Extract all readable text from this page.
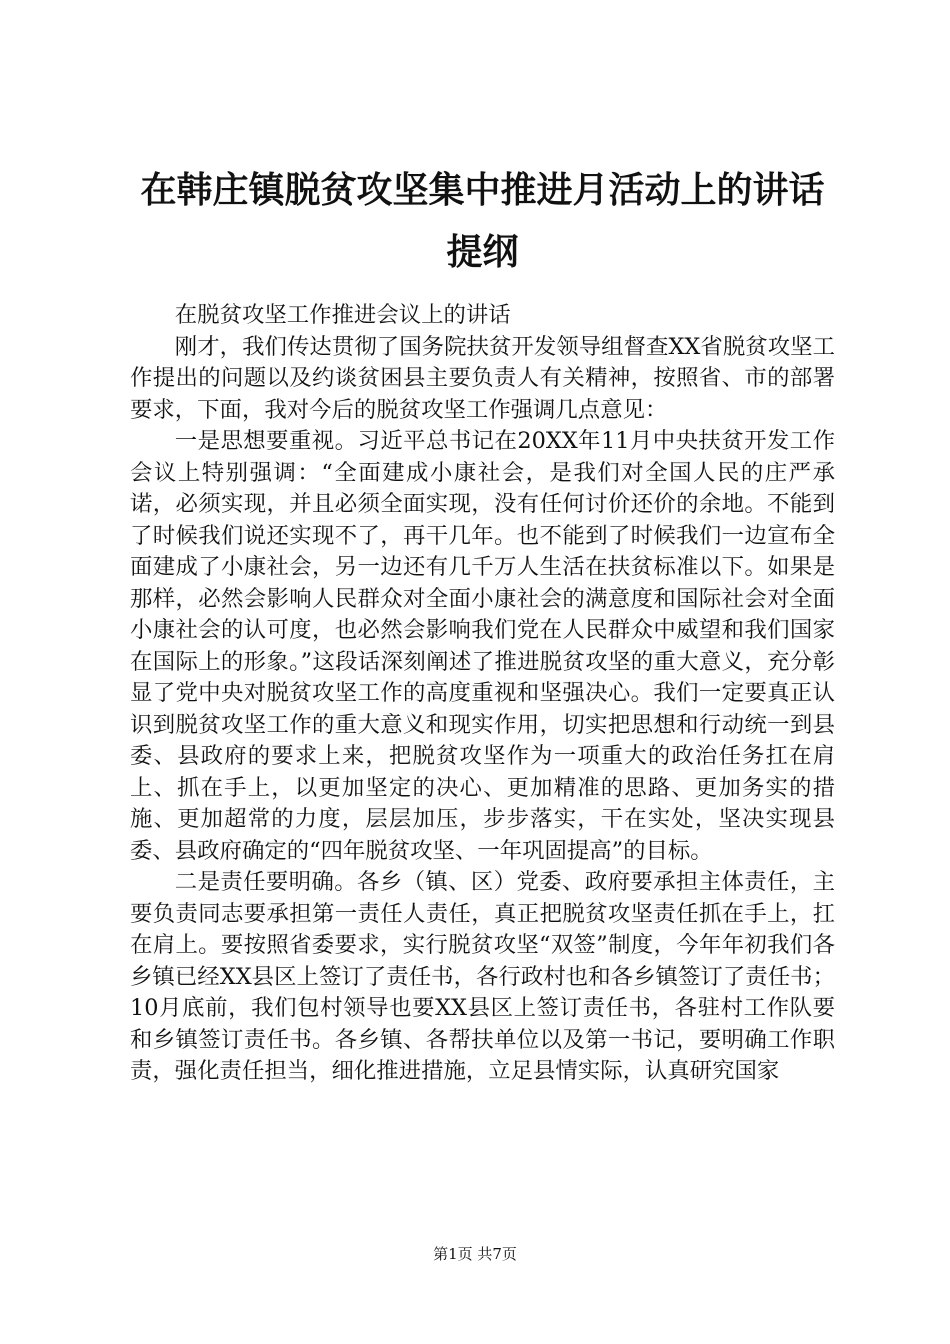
在韩庄镇脱贫攻坚集中推进月活动上的讲话提纲

在脱贫攻坚工作推进会议上的讲话

刚才，我们传达贯彻了国务院扶贫开发领导组督查XX省脱贫攻坚工作提出的问题以及约谈贫困县主要负责人有关精神，按照省、市的部署要求，下面，我对今后的脱贫攻坚工作强调几点意见：

一是思想要重视。习近平总书记在20XX年11月中央扶贫开发工作会议上特别强调：“全面建成小康社会，是我们对全国人民的庄严承诺，必须实现，并且必须全面实现，没有任何讨价还价的余地。不能到了时候我们说还实现不了，再干几年。也不能到了时候我们一边宣布全面建成了小康社会，另一边还有几千万人生活在扶贫标准以下。如果是那样，必然会影响人民群众对全面小康社会的满意度和国际社会对全面小康社会的认可度，也必然会影响我们党在人民群众中威望和我们国家在国际上的形象。”这段话深刻阐述了推进脱贫攻坚的重大意义，充分彰显了党中央对脱贫攻坚工作的高度重视和坚强决心。我们一定要真正认识到脱贫攻坚工作的重大意义和现实作用，切实把思想和行动统一到县委、县政府的要求上来，把脱贫攻坚作为一项重大的政治任务扛在肩上、抓在手上，以更加坚定的决心、更加精准的思路、更加务实的措施、更加超常的力度，层层加压，步步落实，干在实处，坚决实现县委、县政府确定的“四年脱贫攻坚、一年巩固提高”的目标。

二是责任要明确。各乡（镇、区）党委、政府要承担主体责任，主要负责同志要承担第一责任人责任，真正把脱贫攻坚责任抓在手上，扛在肩上。要按照省委要求，实行脱贫攻坚“双签”制度，今年年初我们各乡镇已经XX县区上签订了责任书，各行政村也和各乡镇签订了责任书；10月底前，我们包村领导也要XX县区上签订责任书，各驻村工作队要和乡镇签订责任书。各乡镇、各帮扶单位以及第一书记，要明确工作职责，强化责任担当，细化推进措施，立足县情实际，认真研究国家

第1页 共7页
